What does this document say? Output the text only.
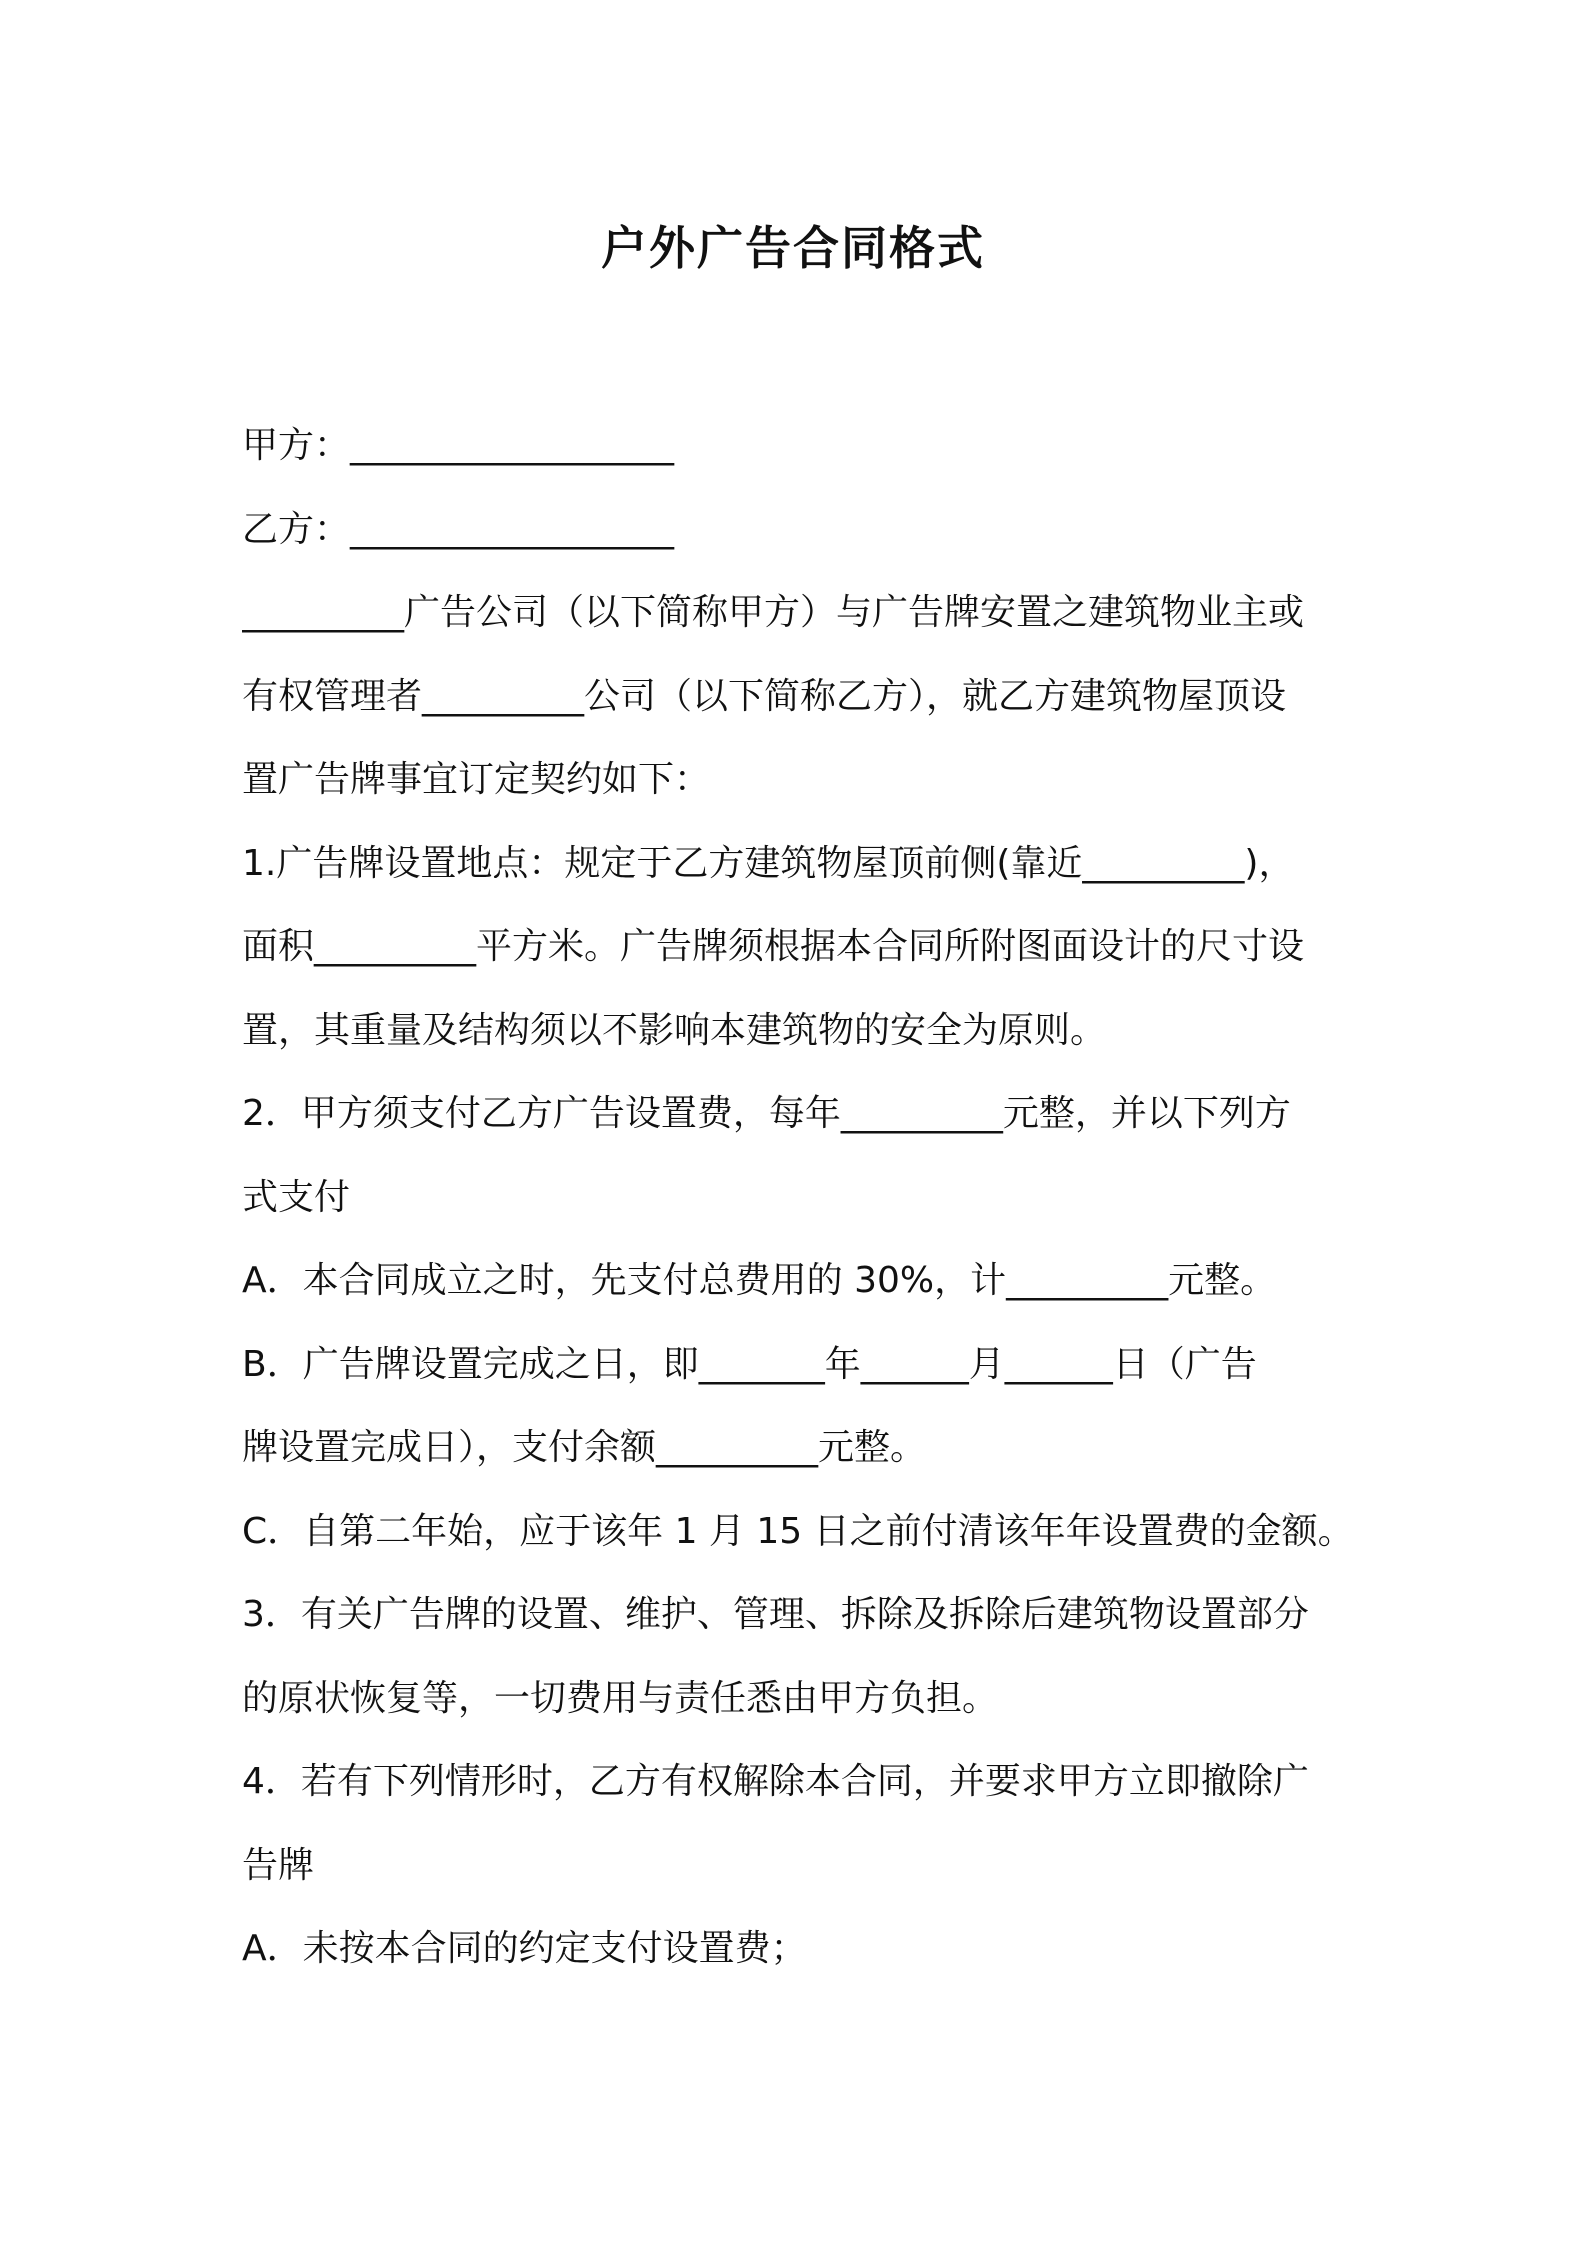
户外广告合同格式
甲方：__________________
乙方：__________________
_________广告公司（以下简称甲方）与广告牌安置之建筑物业主或
有权管理者_________公司（以下简称乙方），就乙方建筑物屋顶设
置广告牌事宜订定契约如下：
1.广告牌设置地点：规定于乙方建筑物屋顶前侧(靠近_________)，
面积_________平方米。广告牌须根据本合同所附图面设计的尺寸设
置，其重量及结构须以不影响本建筑物的安全为原则。
2．甲方须支付乙方广告设置费，每年_________元整，并以下列方
式支付
A．本合同成立之时，先支付总费用的 30%，计_________元整。
B．广告牌设置完成之日，即_______年______月______日（广告
牌设置完成日），支付余额_________元整。
C．自第二年始，应于该年 1 月 15 日之前付清该年年设置费的金额。
3．有关广告牌的设置、维护、管理、拆除及拆除后建筑物设置部分
的原状恢复等，一切费用与责任悉由甲方负担。
4．若有下列情形时，乙方有权解除本合同，并要求甲方立即撤除广
告牌
A．未按本合同的约定支付设置费；
